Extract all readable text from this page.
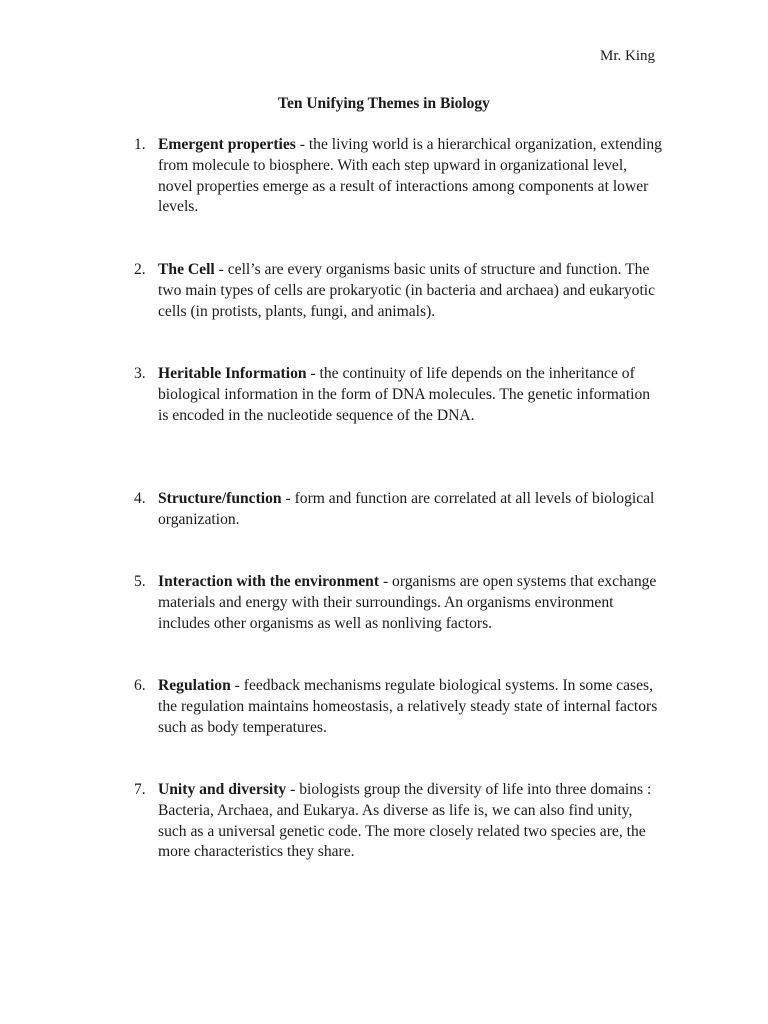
Mr. King
Ten Unifying Themes in Biology
1. Emergent properties - the living world is a hierarchical organization, extending from molecule to biosphere. With each step upward in organizational level, novel properties emerge as a result of interactions among components at lower levels.
2. The Cell - cell’s are every organisms basic units of structure and function. The two main types of cells are prokaryotic (in bacteria and archaea) and eukaryotic cells (in protists, plants, fungi, and animals).
3. Heritable Information - the continuity of life depends on the inheritance of biological information in the form of DNA molecules. The genetic information is encoded in the nucleotide sequence of the DNA.
4. Structure/function - form and function are correlated at all levels of biological organization.
5. Interaction with the environment - organisms are open systems that exchange materials and energy with their surroundings. An organisms environment includes other organisms as well as nonliving factors.
6. Regulation - feedback mechanisms regulate biological systems. In some cases, the regulation maintains homeostasis, a relatively steady state of internal factors such as body temperatures.
7. Unity and diversity - biologists group the diversity of life into three domains : Bacteria, Archaea, and Eukarya. As diverse as life is, we can also find unity, such as a universal genetic code. The more closely related two species are, the more characteristics they share.
